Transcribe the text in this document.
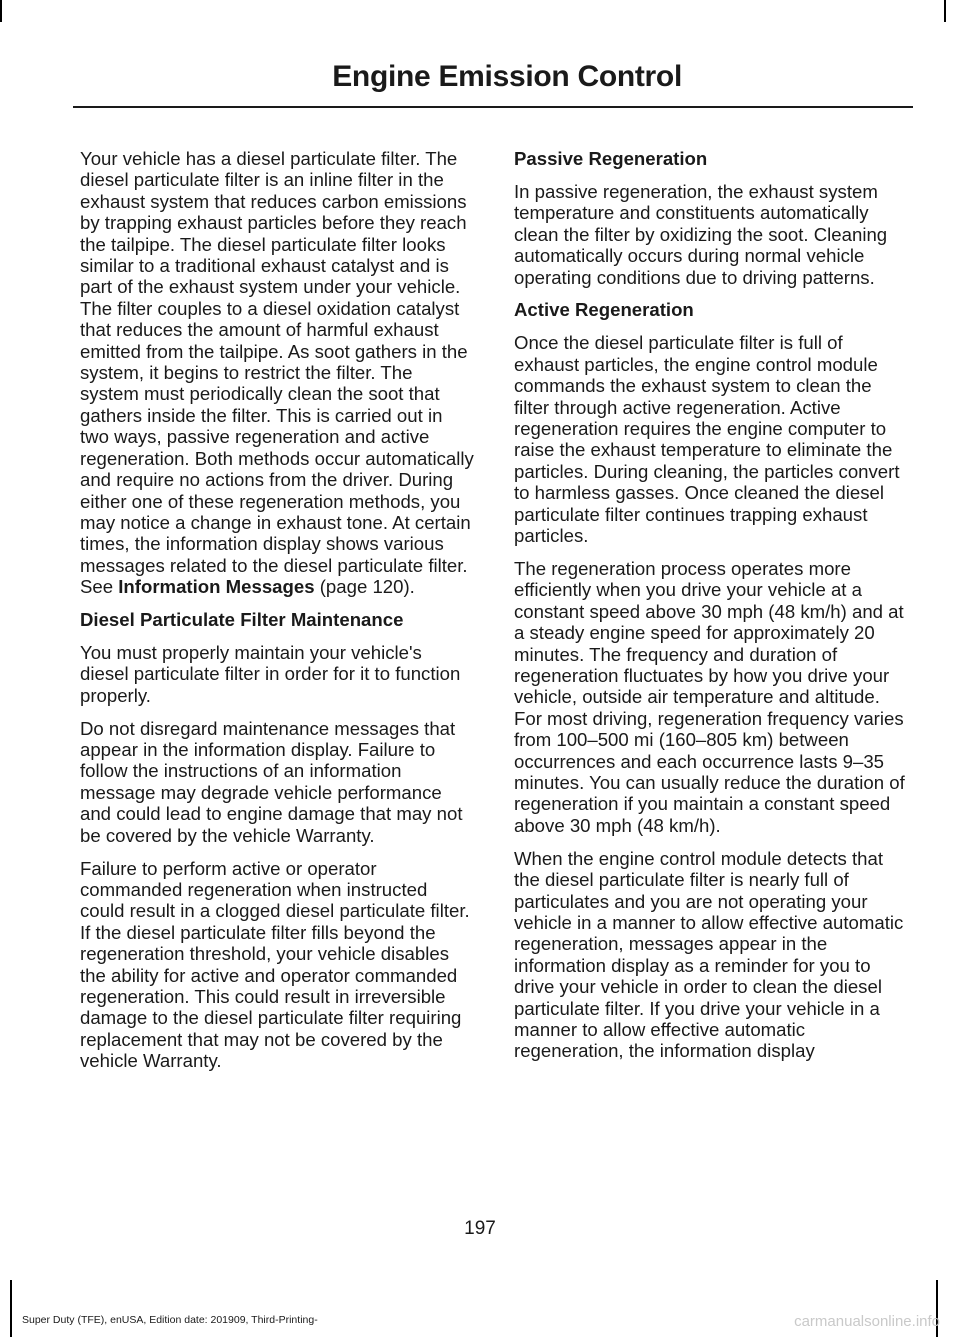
Engine Emission Control

Your vehicle has a diesel particulate filter. The diesel particulate filter is an inline filter in the exhaust system that reduces carbon emissions by trapping exhaust particles before they reach the tailpipe. The diesel particulate filter looks similar to a traditional exhaust catalyst and is part of the exhaust system under your vehicle. The filter couples to a diesel oxidation catalyst that reduces the amount of harmful exhaust emitted from the tailpipe. As soot gathers in the system, it begins to restrict the filter. The system must periodically clean the soot that gathers inside the filter. This is carried out in two ways, passive regeneration and active regeneration. Both methods occur automatically and require no actions from the driver. During either one of these regeneration methods, you may notice a change in exhaust tone. At certain times, the information display shows various messages related to the diesel particulate filter. See Information Messages (page 120).

Diesel Particulate Filter Maintenance

You must properly maintain your vehicle's diesel particulate filter in order for it to function properly.

Do not disregard maintenance messages that appear in the information display. Failure to follow the instructions of an information message may degrade vehicle performance and could lead to engine damage that may not be covered by the vehicle Warranty.

Failure to perform active or operator commanded regeneration when instructed could result in a clogged diesel particulate filter. If the diesel particulate filter fills beyond the regeneration threshold, your vehicle disables the ability for active and operator commanded regeneration. This could result in irreversible damage to the diesel particulate filter requiring replacement that may not be covered by the vehicle Warranty.

Passive Regeneration

In passive regeneration, the exhaust system temperature and constituents automatically clean the filter by oxidizing the soot. Cleaning automatically occurs during normal vehicle operating conditions due to driving patterns.

Active Regeneration

Once the diesel particulate filter is full of exhaust particles, the engine control module commands the exhaust system to clean the filter through active regeneration. Active regeneration requires the engine computer to raise the exhaust temperature to eliminate the particles. During cleaning, the particles convert to harmless gasses. Once cleaned the diesel particulate filter continues trapping exhaust particles.

The regeneration process operates more efficiently when you drive your vehicle at a constant speed above 30 mph (48 km/h) and at a steady engine speed for approximately 20 minutes. The frequency and duration of regeneration fluctuates by how you drive your vehicle, outside air temperature and altitude. For most driving, regeneration frequency varies from 100–500 mi (160–805 km) between occurrences and each occurrence lasts 9–35 minutes. You can usually reduce the duration of regeneration if you maintain a constant speed above 30 mph (48 km/h).

When the engine control module detects that the diesel particulate filter is nearly full of particulates and you are not operating your vehicle in a manner to allow effective automatic regeneration, messages appear in the information display as a reminder for you to drive your vehicle in order to clean the diesel particulate filter. If you drive your vehicle in a manner to allow effective automatic regeneration, the information display

197
Super Duty (TFE), enUSA, Edition date: 201909, Third-Printing-	carmanualsonline.info
